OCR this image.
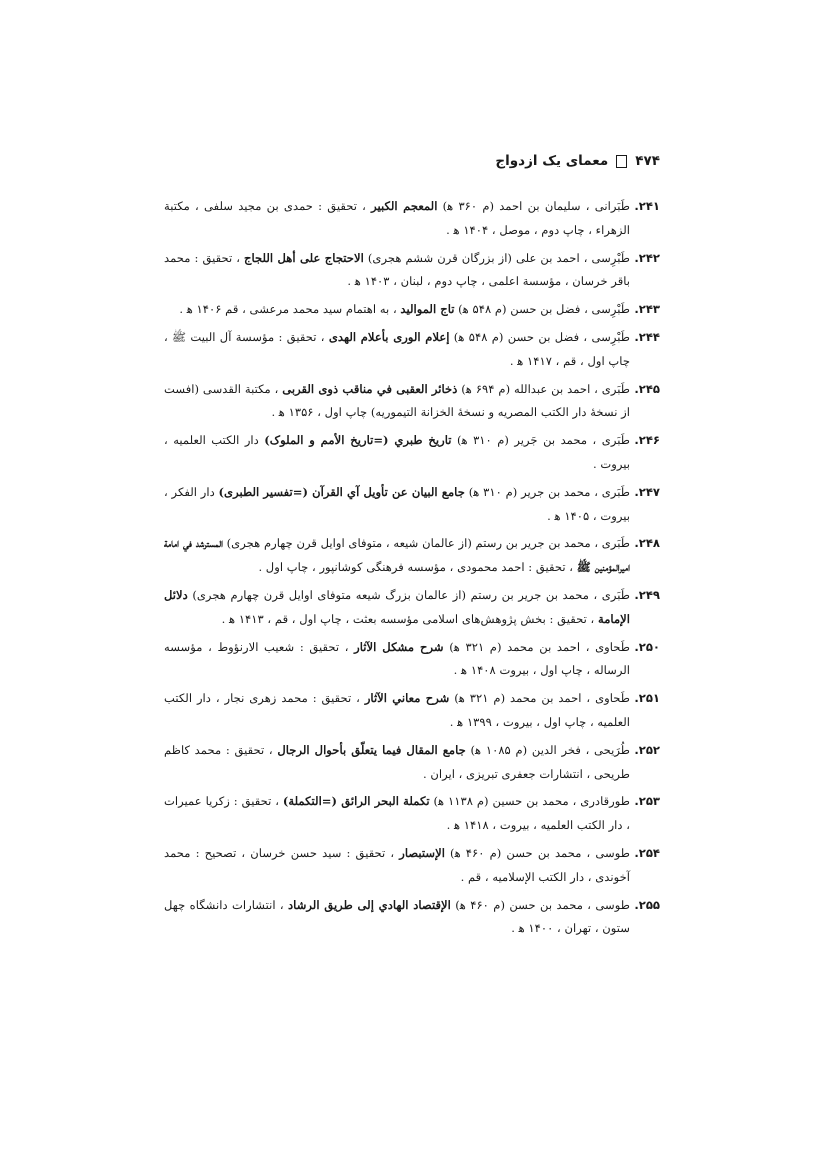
۴۷۴
معمای یک ازدواج
۲۴۱.
طَبَرانی ، سلیمان بن احمد (م ۳۶۰ ه‍) المعجم الکبیر ، تحقیق : حمدی بن مجید سلفی ، مکتبة الزهراء ، چاپ دوم ، موصل ، ۱۴۰۴ ه‍ .
۲۴۲.
طَبْرِسی ، احمد بن علی (از بزرگان قرن ششم هجری) الاحتجاج علی أهل اللجاج ، تحقیق : محمد باقر خرسان ، مؤسسة اعلمی ، چاپ دوم ، لبنان ، ۱۴۰۳ ه‍ .
۲۴۳.
طَبْرِسی ، فضل بن حسن (م ۵۴۸ ه‍) تاج الموالید ، به اهتمام سید محمد مرعشی ، قم ۱۴۰۶ ه‍ .
۲۴۴.
طَبْرِسی ، فضل بن حسن (م ۵۴۸ ه‍) إعلام الوری بأعلام الهدی ، تحقیق : مؤسسة آل البیت ﷺ ، چاپ اول ، قم ، ۱۴۱۷ ه‍ .
۲۴۵.
طَبَری ، احمد بن عبدالله (م ۶۹۴ ه‍) ذخائر العقبی في مناقب ذوی القربی ، مکتبة القدسی (افست از نسخهٔ دار الکتب المصریه و نسخهٔ الخزانة التیموریه) چاپ اول ، ۱۳۵۶ ه‍ .
۲۴۶.
طَبَری ، محمد بن جَریر (م ۳۱۰ ه‍) تاریخ طبري (=تاریخ الأمم و الملوک) دار الکتب العلمیه ، بیروت .
۲۴۷.
طَبَری ، محمد بن جریر (م ۳۱۰ ه‍) جامع البیان عن تأویل آي القرآن (=تفسیر الطبری) دار الفکر ، بیروت ، ۱۴۰۵ ه‍ .
۲۴۸.
طَبَری ، محمد بن جریر بن رستم (از عالمان شیعه ، متوفای اوایل قرن چهارم هجری) المسترشد في امامة امیرالمؤمنین ﷺ ، تحقیق : احمد محمودی ، مؤسسه فرهنگی کوشانپور ، چاپ اول .
۲۴۹.
طَبَری ، محمد بن جریر بن رستم (از عالمان بزرگ شیعه متوفای اوایل قرن چهارم هجری) دلائل الإمامة ، تحقیق : بخش پژوهش‌های اسلامی مؤسسه بعثت ، چاپ اول ، قم ، ۱۴۱۳ ه‍ .
۲۵۰.
طَحاوی ، احمد بن محمد (م ۳۲۱ ه‍) شرح مشکل الآثار ، تحقیق : شعیب الارنؤوط ، مؤسسه الرساله ، چاپ اول ، بیروت ۱۴۰۸ ه‍ .
۲۵۱.
طَحاوی ، احمد بن محمد (م ۳۲۱ ه‍) شرح معاني الآثار ، تحقیق : محمد زهری نجار ، دار الکتب العلمیه ، چاپ اول ، بیروت ، ۱۳۹۹ ه‍ .
۲۵۲.
طُرَیحی ، فخر الدین (م ۱۰۸۵ ه‍) جامع المقال فیما یتعلّق بأحوال الرجال ، تحقیق : محمد کاظم طریحی ، انتشارات جعفری تبریزی ، ایران .
۲۵۳.
طورقادری ، محمد بن حسین (م ۱۱۳۸ ه‍) تکملة البحر الرائق (=التکملة) ، تحقیق : زکریا عمیرات ، دار الکتب العلمیه ، بیروت ، ۱۴۱۸ ه‍ .
۲۵۴.
طوسی ، محمد بن حسن (م ۴۶۰ ه‍) الإستبصار ، تحقیق : سید حسن خرسان ، تصحیح : محمد آخوندی ، دار الکتب الإسلامیه ، قم .
۲۵۵.
طوسی ، محمد بن حسن (م ۴۶۰ ه‍) الإقتصاد الهادي إلی طریق الرشاد ، انتشارات دانشگاه چهل ستون ، تهران ، ۱۴۰۰ ه‍ .
